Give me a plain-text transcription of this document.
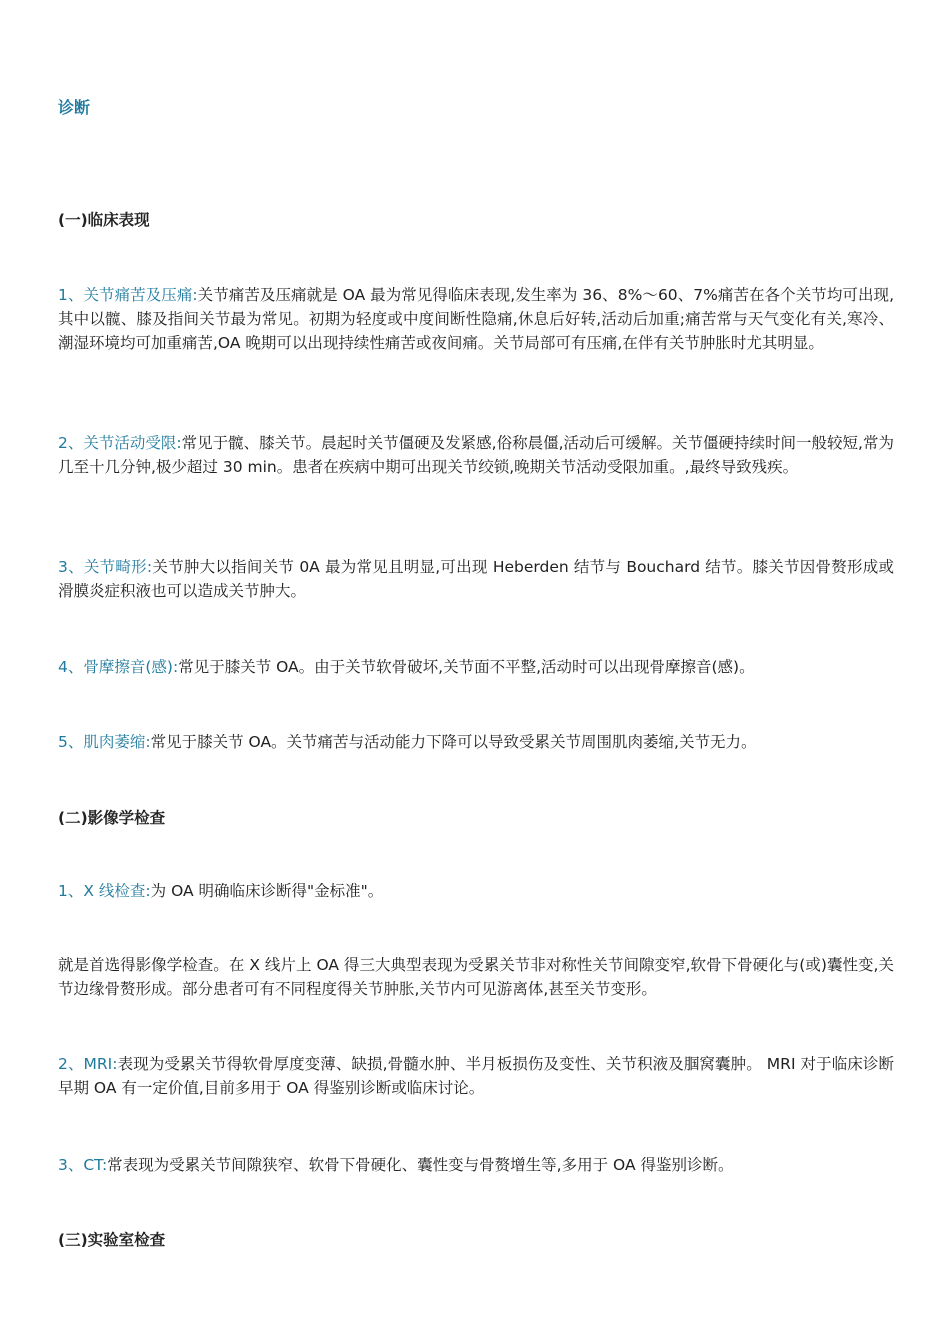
诊断
(一)临床表现

1、关节痛苦及压痛:关节痛苦及压痛就是 OA 最为常见得临床表现,发生率为 36、8%～60、7%痛苦在各个关节均可出现,其中以髋、膝及指间关节最为常见。初期为轻度或中度间断性隐痛,休息后好转,活动后加重;痛苦常与天气变化有关,寒冷、潮湿环境均可加重痛苦,OA 晚期可以出现持续性痛苦或夜间痛。关节局部可有压痛,在伴有关节肿胀时尤其明显。

2、关节活动受限:常见于髋、膝关节。晨起时关节僵硬及发紧感,俗称晨僵,活动后可缓解。关节僵硬持续时间一般较短,常为几至十几分钟,极少超过 30 min。患者在疾病中期可出现关节绞锁,晚期关节活动受限加重。,最终导致残疾。

3、关节畸形:关节肿大以指间关节 0A 最为常见且明显,可出现 Heberden 结节与 Bouchard 结节。膝关节因骨赘形成或滑膜炎症积液也可以造成关节肿大。

4、骨摩擦音(感):常见于膝关节 OA。由于关节软骨破坏,关节面不平整,活动时可以出现骨摩擦音(感)。

5、肌肉萎缩:常见于膝关节 OA。关节痛苦与活动能力下降可以导致受累关节周围肌肉萎缩,关节无力。

(二)影像学检查

1、X 线检查:为 OA 明确临床诊断得"金标准"。

就是首选得影像学检查。在 X 线片上 OA 得三大典型表现为受累关节非对称性关节间隙变窄,软骨下骨硬化与(或)囊性变,关节边缘骨赘形成。部分患者可有不同程度得关节肿胀,关节内可见游离体,甚至关节变形。

2、MRI:表现为受累关节得软骨厚度变薄、缺损,骨髓水肿、半月板损伤及变性、关节积液及腘窝囊肿。 MRI 对于临床诊断早期 OA 有一定价值,目前多用于 OA 得鉴别诊断或临床讨论。

3、CT:常表现为受累关节间隙狭窄、软骨下骨硬化、囊性变与骨赘增生等,多用于 OA 得鉴别诊断。

(三)实验室检查
